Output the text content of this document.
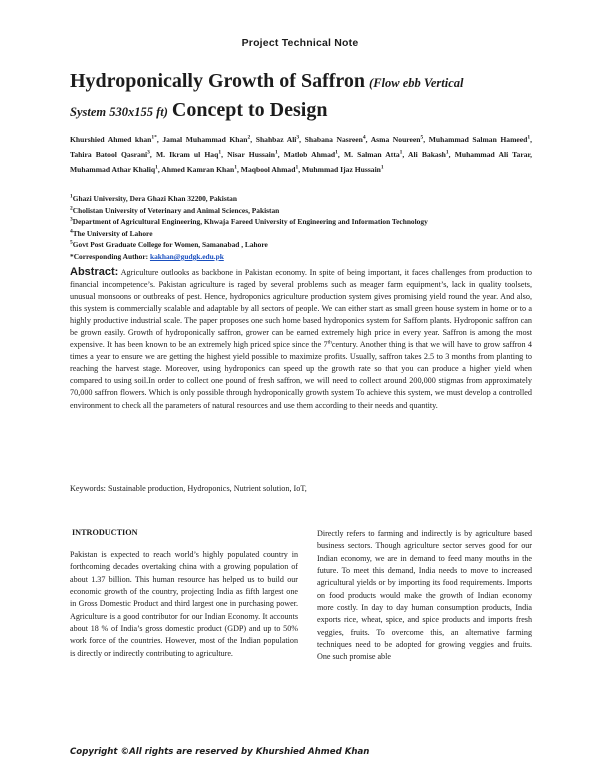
Project Technical Note
Hydroponically Growth of Saffron (Flow ebb Vertical
System 530x155 ft) Concept to Design
Khurshied Ahmed khan$^{1*}$, Jamal Muhammad Khan$^2$, Shahbaz Ali$^3$, Shabana Nasreen$^4$, Asma Noureen$^5$, Muhammad Salman Hameed$^1$, Tahira Batool Qasrani$^3$, M. Ikram ul Haq$^1$, Nisar Hussain$^1$, Matlob Ahmad$^1$, M. Salman Atta$^1$, Ali Bakash$^1$, Muhammad Ali Tarar, Muhammad Athar Khaliq$^1$, Ahmed Kamran Khan$^1$, Maqbool Ahmad$^1$, Muhmmad Ijaz Hussain$^1$
$^1$Ghazi University, Dera Ghazi Khan 32200, Pakistan
$^2$Cholistan University of Veterinary and Animal Sciences, Pakistan
$^3$Department of Agricultural Engineering, Khwaja Fareed University of Engineering and Information Technology
$^4$The University of Lahore
$^5$Govt Post Graduate College for Women, Samanabad , Lahore
*Corresponding Author: kakhan@gudgk.edu.pk
Abstract: Agriculture outlooks as backbone in Pakistan economy. In spite of being important, it faces challenges from production to financial incompetence’s. Pakistan agriculture is raged by several problems such as meager farm equipment’s, lack in quality toolsets, unusual monsoons or outbreaks of pest. Hence, hydroponics agriculture production system gives promising yield round the year. And also, this system is commercially scalable and adaptable by all sectors of people. We can either start as small green house system in home or to a highly productive industrial scale. The paper proposes one such home based hydroponics system for Safforn plants. Hydroponic saffron can be grown easily. Growth of hydroponically saffron, grower can be earned extremely high price in every year. Saffron is among the most expensive. It has been known to be an extremely high priced spice since the 7thcentury. Another thing is that we will have to grow saffron 4 times a year to ensure we are getting the highest yield possible to maximize profits. Usually, saffron takes 2.5 to 3 months from planting to reaching the harvest stage. Moreover, using hydroponics can speed up the growth rate so that you can produce a higher yield when compared to using soil.In order to collect one pound of fresh saffron, we will need to collect around 200,000 stigmas from approximately 70,000 saffron flowers. Which is only possible through hydroponically growth system To achieve this system, we must develop a controlled environment to check all the parameters of natural resources and use them according to their needs and quantity.
Keywords: Sustainable production, Hydroponics, Nutrient solution, IoT,
INTRODUCTION
Pakistan is expected to reach world’s highly populated country in forthcoming decades overtaking china with a growing population of about 1.37 billion. This human resource has helped us to build our economic growth of the country, projecting India as fifth largest one in Gross Domestic Product and third largest one in purchasing power. Agriculture is a good contributor for our Indian Economy. It accounts about 18 % of India’s gross domestic product (GDP) and up to 50% work force of the countries. However, most of the Indian population is directly or indirectly contributing to agriculture.
Directly refers to farming and indirectly is by agriculture based business sectors. Though agriculture sector serves good for our Indian economy, we are in demand to feed many mouths in the future. To meet this demand, India needs to move to increased agricultural yields or by importing its food requirements. Imports on food products would make the growth of Indian economy more costly. In day to day human consumption products, India exports rice, wheat, spice, and spice products and imports fresh veggies, fruits. To overcome this, an alternative farming techniques need to be adopted for growing veggies and fruits. One such promise able
Copyright ©All rights are reserved by Khurshied Ahmed Khan
